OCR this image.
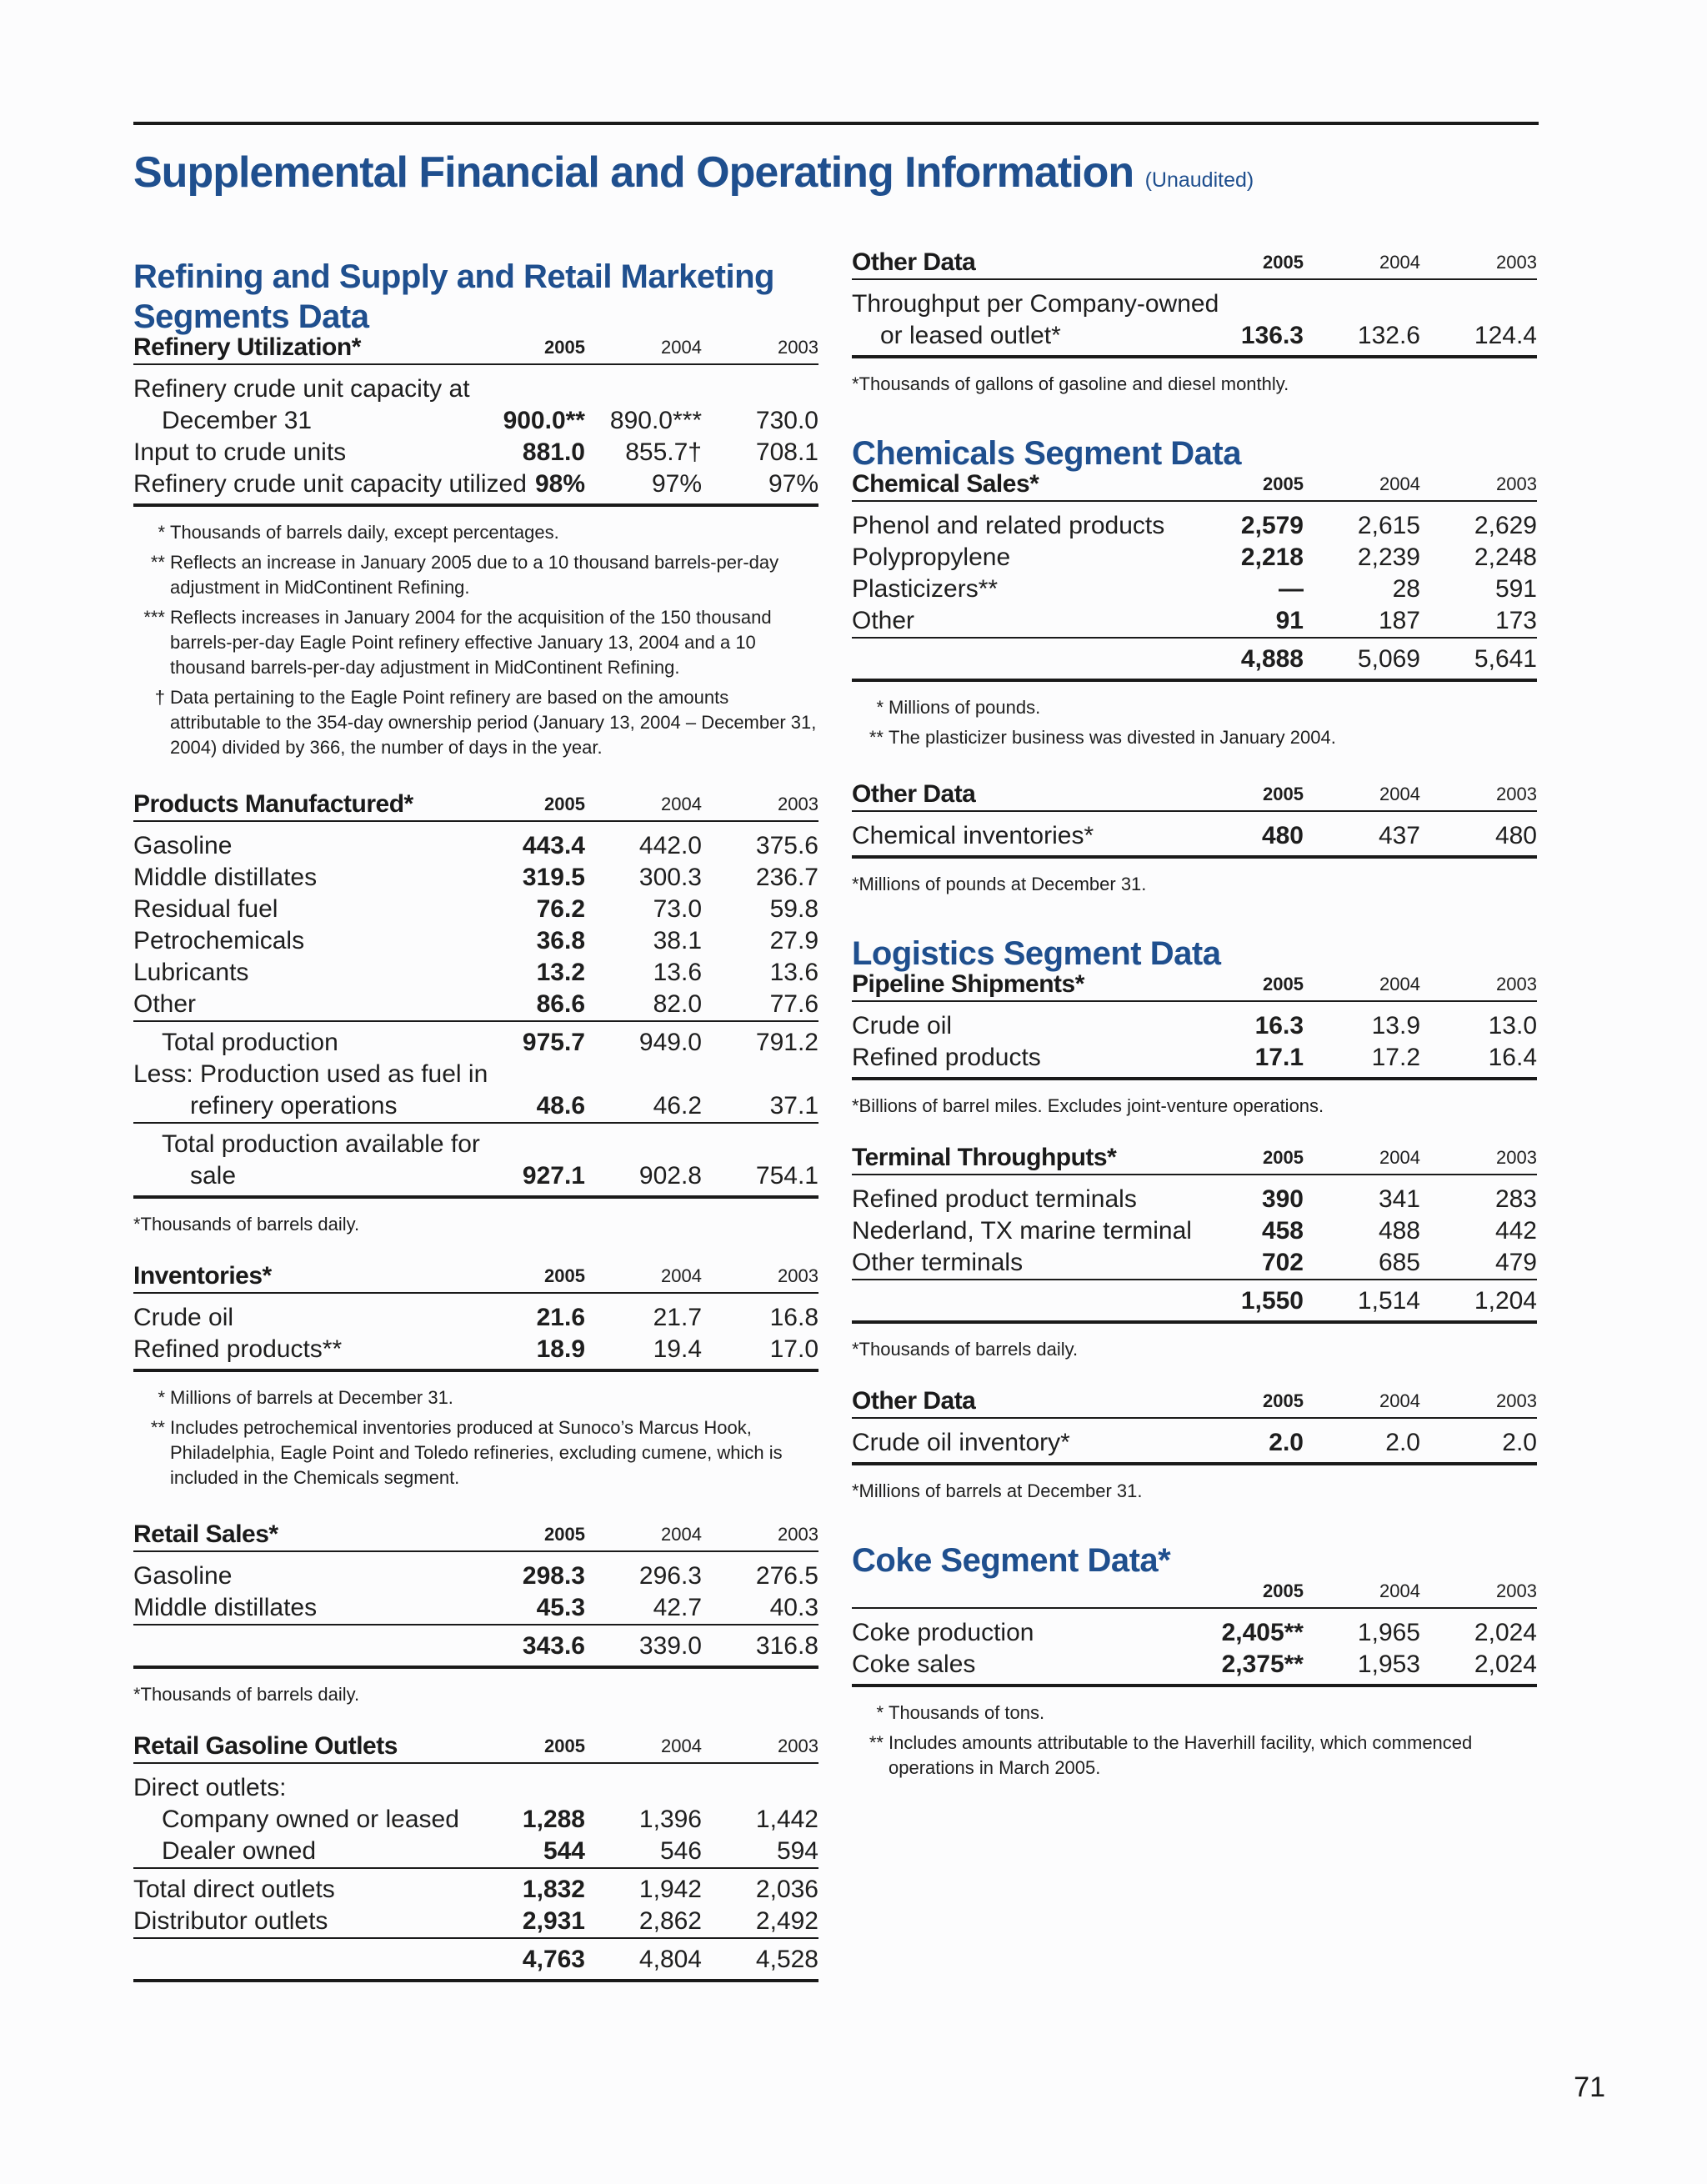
Supplemental Financial and Operating Information (Unaudited)
Refining and Supply and Retail Marketing Segments Data
Refinery Utilization*	2005	2004	2003
Refinery crude unit capacity at			
December 31	900.0**	890.0***	730.0
Input to crude units	881.0	855.7†	708.1
Refinery crude unit capacity utilized	98%	97%	97%
* Thousands of barrels daily, except percentages.
** Reflects an increase in January 2005 due to a 10 thousand barrels-per-day adjustment in MidContinent Refining.
*** Reflects increases in January 2004 for the acquisition of the 150 thousand barrels-per-day Eagle Point refinery effective January 13, 2004 and a 10 thousand barrels-per-day adjustment in MidContinent Refining.
† Data pertaining to the Eagle Point refinery are based on the amounts attributable to the 354-day ownership period (January 13, 2004 – December 31, 2004) divided by 366, the number of days in the year.
Products Manufactured*	2005	2004	2003
Gasoline	443.4	442.0	375.6
Middle distillates	319.5	300.3	236.7
Residual fuel	76.2	73.0	59.8
Petrochemicals	36.8	38.1	27.9
Lubricants	13.2	13.6	13.6
Other	86.6	82.0	77.6
Total production	975.7	949.0	791.2
Less: Production used as fuel in			
refinery operations	48.6	46.2	37.1
Total production available for			
sale	927.1	902.8	754.1
*Thousands of barrels daily.
Inventories*	2005	2004	2003
Crude oil	21.6	21.7	16.8
Refined products**	18.9	19.4	17.0
* Millions of barrels at December 31.
** Includes petrochemical inventories produced at Sunoco’s Marcus Hook, Philadelphia, Eagle Point and Toledo refineries, excluding cumene, which is included in the Chemicals segment.
Retail Sales*	2005	2004	2003
Gasoline	298.3	296.3	276.5
Middle distillates	45.3	42.7	40.3
	343.6	339.0	316.8
*Thousands of barrels daily.
Retail Gasoline Outlets	2005	2004	2003
Direct outlets:			
Company owned or leased	1,288	1,396	1,442
Dealer owned	544	546	594
Total direct outlets	1,832	1,942	2,036
Distributor outlets	2,931	2,862	2,492
	4,763	4,804	4,528
Other Data	2005	2004	2003
Throughput per Company-owned			
or leased outlet*	136.3	132.6	124.4
*Thousands of gallons of gasoline and diesel monthly.
Chemicals Segment Data
Chemical Sales*	2005	2004	2003
Phenol and related products	2,579	2,615	2,629
Polypropylene	2,218	2,239	2,248
Plasticizers**	—	28	591
Other	91	187	173
	4,888	5,069	5,641
* Millions of pounds.
** The plasticizer business was divested in January 2004.
Other Data	2005	2004	2003
Chemical inventories*	480	437	480
*Millions of pounds at December 31.
Logistics Segment Data
Pipeline Shipments*	2005	2004	2003
Crude oil	16.3	13.9	13.0
Refined products	17.1	17.2	16.4
*Billions of barrel miles. Excludes joint-venture operations.
Terminal Throughputs*	2005	2004	2003
Refined product terminals	390	341	283
Nederland, TX marine terminal	458	488	442
Other terminals	702	685	479
	1,550	1,514	1,204
*Thousands of barrels daily.
Other Data	2005	2004	2003
Crude oil inventory*	2.0	2.0	2.0
*Millions of barrels at December 31.
Coke Segment Data*
	2005	2004	2003
Coke production	2,405**	1,965	2,024
Coke sales	2,375**	1,953	2,024
* Thousands of tons.
** Includes amounts attributable to the Haverhill facility, which commenced operations in March 2005.
71
